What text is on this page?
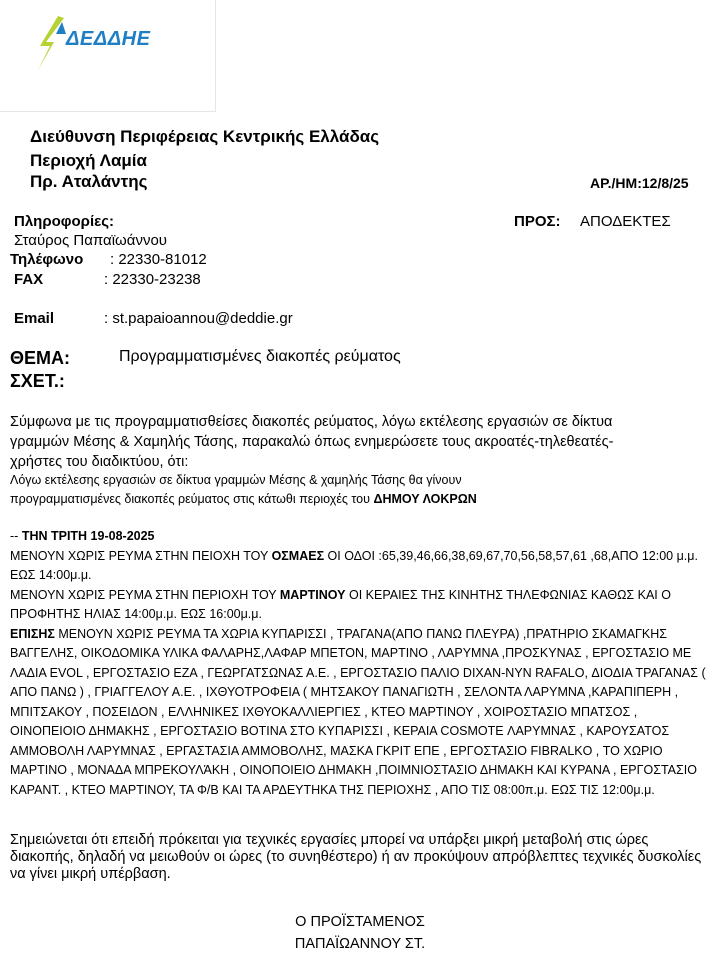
ΔΕΔΔΗΕ
Διεύθυνση Περιφέρειας Κεντρικής Ελλάδας
Περιοχή Λαμία
Πρ. Αταλάντης	ΑΡ./ΗΜ:12/8/25
Πληροφορίες:
Σταύρος Παπαϊωάννου
Τηλέφωνο : 22330-81012
FAX	: 22330-23238
Email	: st.papaioannou@deddie.gr
ΠΡΟΣ: ΑΠΟΔΕΚΤΕΣ
ΘΕΜΑ:	Προγραμματισμένες διακοπές ρεύματος
ΣΧΕΤ.:
Σύμφωνα με τις προγραμματισθείσες διακοπές ρεύματος, λόγω εκτέλεσης εργασιών σε δίκτυα
γραμμών Μέσης & Χαμηλής Τάσης, παρακαλώ όπως ενημερώσετε τους ακροατές-τηλεθεατές-
χρήστες του διαδικτύου, ότι:
Λόγω εκτέλεσης εργασιών σε δίκτυα γραμμών Μέσης & χαμηλής Τάσης θα γίνουν
προγραμματισμένες διακοπές ρεύματος στις κάτωθι περιοχές του ΔΗΜΟΥ ΛΟΚΡΩΝ

-- ΤΗΝ ΤΡΙΤΗ 19-08-2025

ΜΕΝΟΥΝ ΧΩΡΙΣ ΡΕΥΜΑ ΣΤΗΝ ΠΕΙΟΧΗ ΤΟΥ ΟΣΜΑΕΣ ΟΙ ΟΔΟΙ :65,39,46,66,38,69,67,70,56,58,57,61 ,68,ΑΠΟ 12:00 μ.μ. ΕΩΣ 14:00μ.μ.

ΜΕΝΟΥΝ ΧΩΡΙΣ ΡΕΥΜΑ ΣΤΗΝ ΠΕΡΙΟΧΗ ΤΟΥ ΜΑΡΤΙΝΟΥ ΟΙ ΚΕΡΑΙΕΣ ΤΗΣ ΚΙΝΗΤΗΣ ΤΗΛΕΦΩΝΙΑΣ ΚΑΘΩΣ ΚΑΙ Ο ΠΡΟΦΗΤΗΣ ΗΛΙΑΣ 14:00μ.μ. ΕΩΣ 16:00μ.μ.

ΕΠΙΣΗΣ ΜΕΝΟΥΝ ΧΩΡΙΣ ΡΕΥΜΑ ΤΑ ΧΩΡΙΑ ΚΥΠΑΡΙΣΣΙ , ΤΡΑΓΑΝΑ(ΑΠΟ ΠΑΝΩ ΠΛΕΥΡΑ) ,ΠΡΑΤΗΡΙΟ ΣΚΑΜΑΓΚΗΣ ΒΑΓΓΕΛΗΣ, ΟΙΚΟΔΟΜΙΚΑ ΥΛΙΚΑ ΦΑΛΑΡΗΣ,ΛΑΦΑΡ ΜΠΕΤΟΝ, ΜΑΡΤΙΝΟ , ΛΑΡΥΜΝΑ ,ΠΡΟΣΚΥΝΑΣ , ΕΡΓΟΣΤΑΣΙΟ ΜΕ ΛΑΔΙΑ EVOL , ΕΡΓΟΣΤΑΣΙΟ ΕΖΑ , ΓΕΩΡΓΑΤΣΩΝΑΣ Α.Ε. , ΕΡΓΟΣΤΑΣΙΟ ΠΑΛΙΟ DIXAN-NYN RAFALO, ΔΙΟΔΙΑ ΤΡΑΓΑΝΑΣ ( ΑΠΟ ΠΑΝΩ ) , ΓΡΙΑΓΓΕΛΟΥ Α.Ε. , ΙΧΘΥΟΤΡΟΦΕΙΑ ( ΜΗΤΣΑΚΟΥ ΠΑΝΑΓΙΩΤΗ , ΣΕΛΟΝΤΑ ΛΑΡΥΜΝΑ ,ΚΑΡΑΠΙΠΕΡΗ , ΜΠΙΤΣΑΚΟΥ , ΠΟΣΕΙΔΟΝ , ΕΛΛΗΝΙΚΕΣ ΙΧΘΥΟΚΑΛΛΙΕΡΓΙΕΣ , ΚΤΕΟ ΜΑΡΤΙΝΟΥ , ΧΟΙΡΟΣΤΑΣΙΟ ΜΠΑΤΣΟΣ , ΟΙΝΟΠΕΙΟΙΟ ΔΗΜΑΚΗΣ , ΕΡΓΟΣΤΑΣΙΟ ΒΟΤΙΝΑ ΣΤΟ ΚΥΠΑΡΙΣΣΙ , ΚΕΡΑΙΑ COSMOTE ΛΑΡΥΜΝΑΣ , ΚΑΡΟΥΣΑΤΟΣ ΑΜΜΟΒΟΛΗ ΛΑΡΥΜΝΑΣ , ΕΡΓΑΣΤΑΣΙΑ ΑΜΜΟΒΟΛΗΣ, ΜΑΣΚΑ ΓΚΡΙΤ ΕΠΕ , ΕΡΓΟΣΤΑΣΙΟ FIBRALKO , ΤΟ ΧΩΡΙΟ ΜΑΡΤΙΝΟ , ΜΟΝΑΔΑ ΜΠΡΕΚΟΥΛΆΚΗ , ΟΙΝΟΠΟΙΕΙΟ ΔΗΜΑΚΗ ,ΠΟΙΜΝΙΟΣΤΑΣΙΟ ΔΗΜΑΚΗ ΚΑΙ ΚΥΡΑΝΑ , ΕΡΓΟΣΤΑΣΙΟ ΚΑΡΑΝΤ. , ΚΤΕΟ ΜΑΡΤΙΝΟΥ, ΤΑ Φ/Β ΚΑΙ ΤΑ ΑΡΔΕΥΤΗΚΑ ΤΗΣ ΠΕΡΙΟΧΗΣ , ΑΠΟ ΤΙΣ 08:00π.μ. ΕΩΣ ΤΙΣ 12:00μ.μ.

Σημειώνεται ότι επειδή πρόκειται για τεχνικές εργασίες μπορεί να υπάρξει μικρή μεταβολή στις ώρες διακοπής, δηλαδή να μειωθούν οι ώρες (το συνηθέστερο) ή αν προκύψουν απρόβλεπτες τεχνικές δυσκολίες να γίνει μικρή υπέρβαση.
Ο ΠΡΟΪΣΤΑΜΕΝΟΣ
ΠΑΠΑΪΩΑΝΝΟΥ ΣΤ.
